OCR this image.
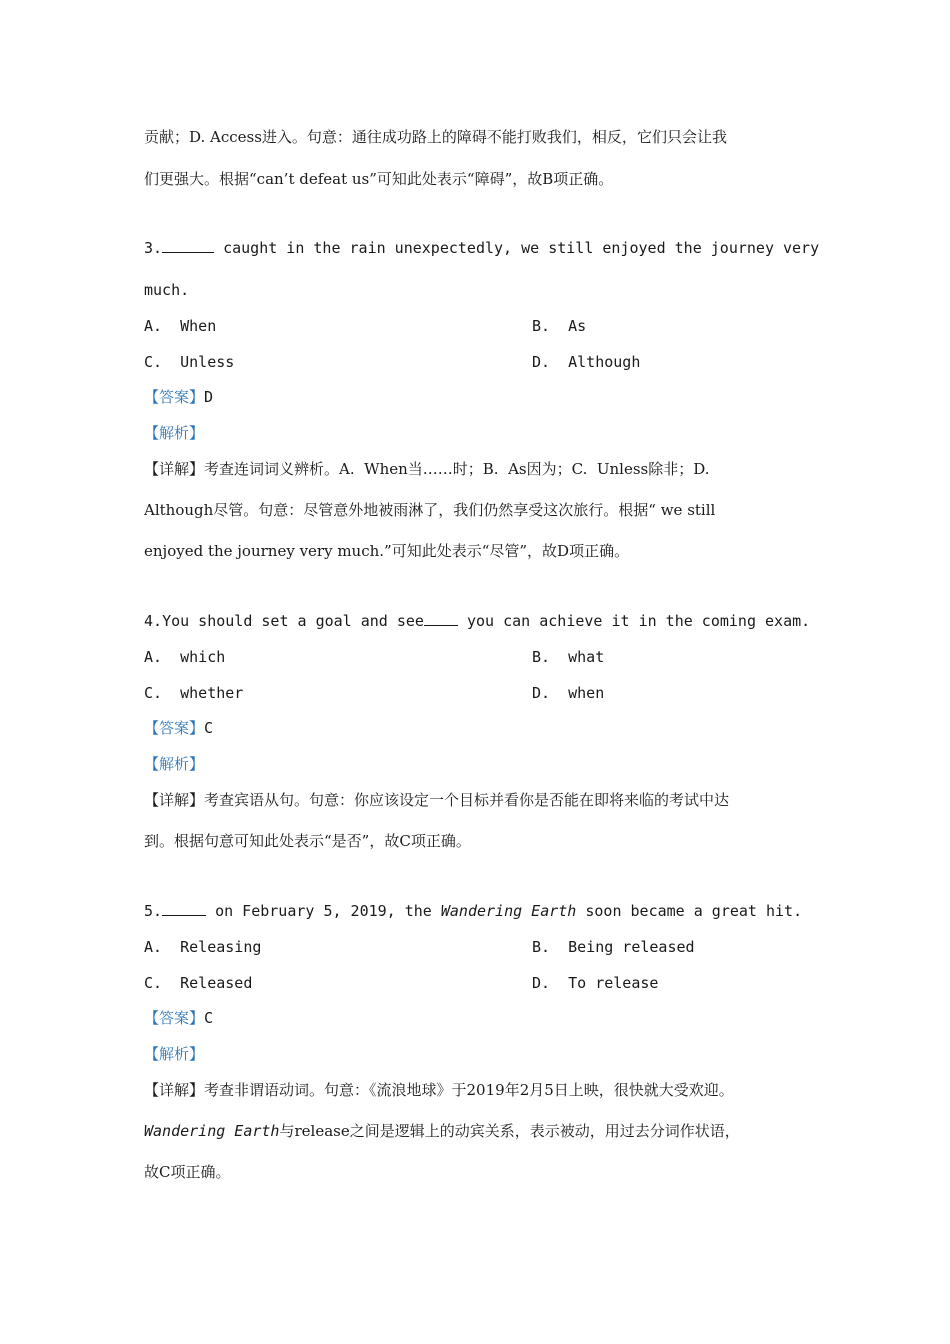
贡献；D. Access进入。句意：通往成功路上的障碍不能打败我们，相反，它们只会让我
们更强大。根据“can’t defeat us”可知此处表示“障碍”，故B项正确。
3.	caught in the rain unexpectedly, we still enjoyed the journey very
much.
A.  When	B.  As
C.  Unless	D.  Although
【答案】D
【解析】
【详解】考查连词词义辨析。A.  When当……时；B.  As因为；C.  Unless除非；D.
Although尽管。句意：尽管意外地被雨淋了，我们仍然享受这次旅行。根据“ we still
enjoyed the journey very much.”可知此处表示“尽管”，故D项正确。
4.You should set a goal and see you can achieve it in the coming exam.
A.  which	B.  what
C.  whether	D.  when
【答案】C
【解析】
【详解】考查宾语从句。句意：你应该设定一个目标并看你是否能在即将来临的考试中达
到。根据句意可知此处表示“是否”，故C项正确。
5.	on February 5, 2019, the Wandering Earth soon became a great hit.
A.  Releasing	B.  Being released
C.  Released	D.  To release
【答案】C
【解析】
【详解】考查非谓语动词。句意：《流浪地球》于2019年2月5日上映，很快就大受欢迎。
Wandering Earth与release之间是逻辑上的动宾关系，表示被动，用过去分词作状语，
故C项正确。
